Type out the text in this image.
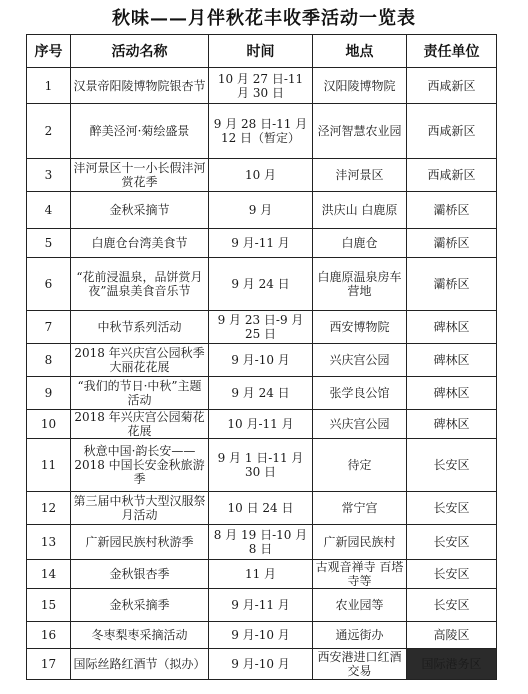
秋味——月伴秋花丰收季活动一览表
序号	活动名称	时间	地点	责任单位
1	汉景帝阳陵博物院银杏节	10 月 27 日-11 月 30 日	汉阳陵博物院	西咸新区
2	醉美泾河·菊绘盛景	9 月 28 日-11 月 12 日（暂定）	泾河智慧农业园	西咸新区
3	沣河景区十一小长假沣河赏花季	10 月	沣河景区	西咸新区
4	金秋采摘节	9 月	洪庆山 白鹿原	灞桥区
5	白鹿仓台湾美食节	9 月-11 月	白鹿仓	灞桥区
6	“花前浸温泉，品饼赏月夜”温泉美食音乐节	9 月 24 日	白鹿原温泉房车营地	灞桥区
7	中秋节系列活动	9 月 23 日-9 月 25 日	西安博物院	碑林区
8	2018 年兴庆宫公园秋季大丽花花展	9 月-10 月	兴庆宫公园	碑林区
9	“我们的节日·中秋”主题活动	9 月 24 日	张学良公馆	碑林区
10	2018 年兴庆宫公园菊花花展	10 月-11 月	兴庆宫公园	碑林区
11	秋意中国·韵长安——2018 中国长安金秋旅游季	9 月 1 日-11 月 30 日	待定	长安区
12	第三届中秋节大型汉服祭月活动	10 日 24 日	常宁宫	长安区
13	广新园民族村秋游季	8 月 19 日-10 月 8 日	广新园民族村	长安区
14	金秋银杏季	11 月	古观音禅寺 百塔寺等	长安区
15	金秋采摘季	9 月-11 月	农业园等	长安区
16	冬枣梨枣采摘活动	9 月-10 月	通远街办	高陵区
17	国际丝路红酒节（拟办）	9 月-10 月	西安港进口红酒交易	国际港务区
